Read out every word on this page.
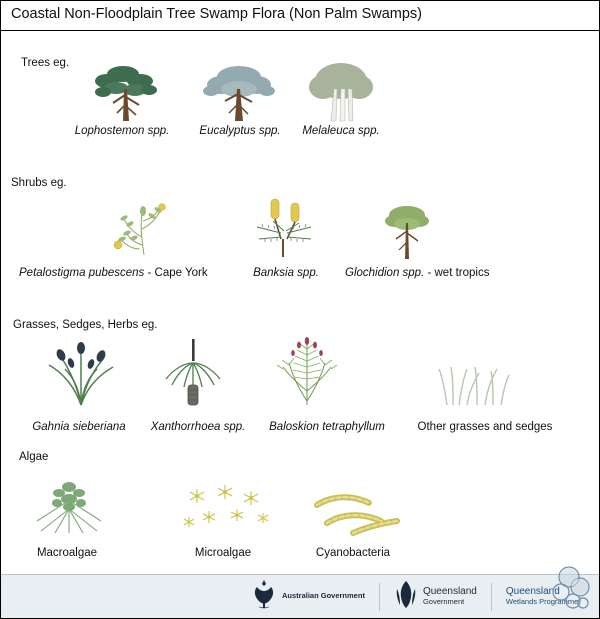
Coastal Non-Floodplain Tree Swamp Flora (Non Palm Swamps)
Trees eg.
Lophostemon spp.	Eucalyptus spp.	Melaleuca spp.
Shrubs eg.
Petalostigma pubescens - Cape York	Banksia spp.	Glochidion spp. - wet tropics
Grasses, Sedges, Herbs eg.
Gahnia sieberiana	Xanthorrhoea spp.	Baloskion tetraphyllum	Other grasses and sedges
Algae
Macroalgae	Microalgae	Cyanobacteria
Australian Government	Queensland
Government
Queensland
Wetlands Programme
